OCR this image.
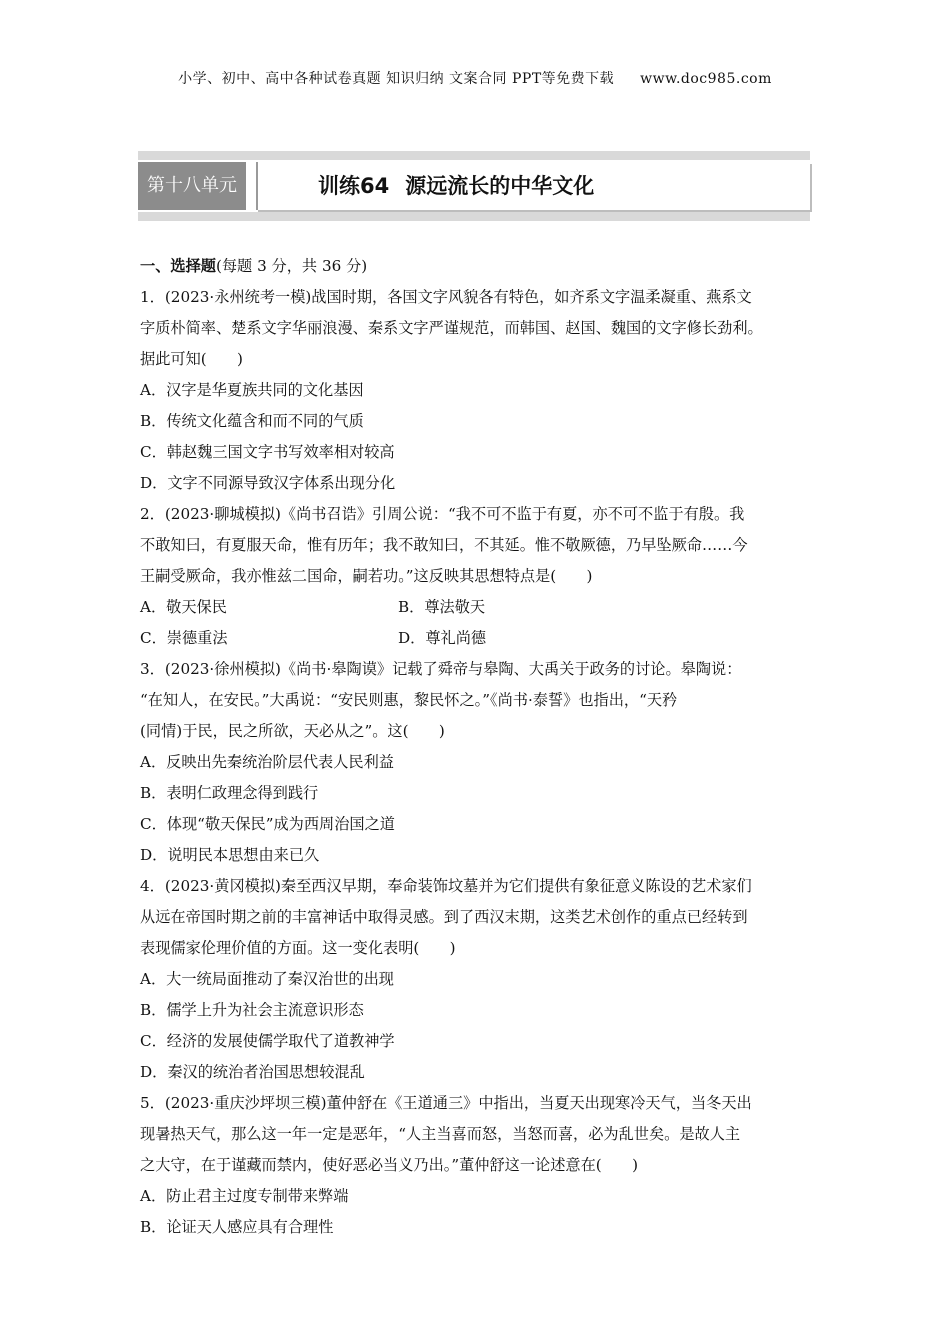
小学、初中、高中各种试卷真题 知识归纳 文案合同 PPT等免费下载 www.doc985.com
第十八单元	训练64 源远流长的中华文化
一、选择题(每题 3 分，共 36 分)
1．(2023·永州统考一模)战国时期，各国文字风貌各有特色，如齐系文字温柔凝重、燕系文
字质朴简率、楚系文字华丽浪漫、秦系文字严谨规范，而韩国、赵国、魏国的文字修长劲利。
据此可知(　　)
A．汉字是华夏族共同的文化基因
B．传统文化蕴含和而不同的气质
C．韩赵魏三国文字书写效率相对较高
D．文字不同源导致汉字体系出现分化
2．(2023·聊城模拟)《尚书召诰》引周公说：“我不可不监于有夏，亦不可不监于有殷。我
不敢知曰，有夏服天命，惟有历年；我不敢知曰，不其延。惟不敬厥德，乃早坠厥命……今
王嗣受厥命，我亦惟兹二国命，嗣若功。”这反映其思想特点是(　　)
A．敬天保民	B．尊法敬天
C．崇德重法	D．尊礼尚德
3．(2023·徐州模拟)《尚书·皋陶谟》记载了舜帝与皋陶、大禹关于政务的讨论。皋陶说：
“在知人，在安民。”大禹说：“安民则惠，黎民怀之。”《尚书·泰誓》也指出，“天矜
(同情)于民，民之所欲，天必从之”。这(　　)
A．反映出先秦统治阶层代表人民利益
B．表明仁政理念得到践行
C．体现“敬天保民”成为西周治国之道
D．说明民本思想由来已久
4．(2023·黄冈模拟)秦至西汉早期，奉命装饰坟墓并为它们提供有象征意义陈设的艺术家们
从远在帝国时期之前的丰富神话中取得灵感。到了西汉末期，这类艺术创作的重点已经转到
表现儒家伦理价值的方面。这一变化表明(　　)
A．大一统局面推动了秦汉治世的出现
B．儒学上升为社会主流意识形态
C．经济的发展使儒学取代了道教神学
D．秦汉的统治者治国思想较混乱
5．(2023·重庆沙坪坝三模)董仲舒在《王道通三》中指出，当夏天出现寒冷天气，当冬天出
现暑热天气，那么这一年一定是恶年，“人主当喜而怒，当怒而喜，必为乱世矣。是故人主
之大守，在于谨藏而禁内，使好恶必当义乃出。”董仲舒这一论述意在(　　)
A．防止君主过度专制带来弊端
B．论证天人感应具有合理性
